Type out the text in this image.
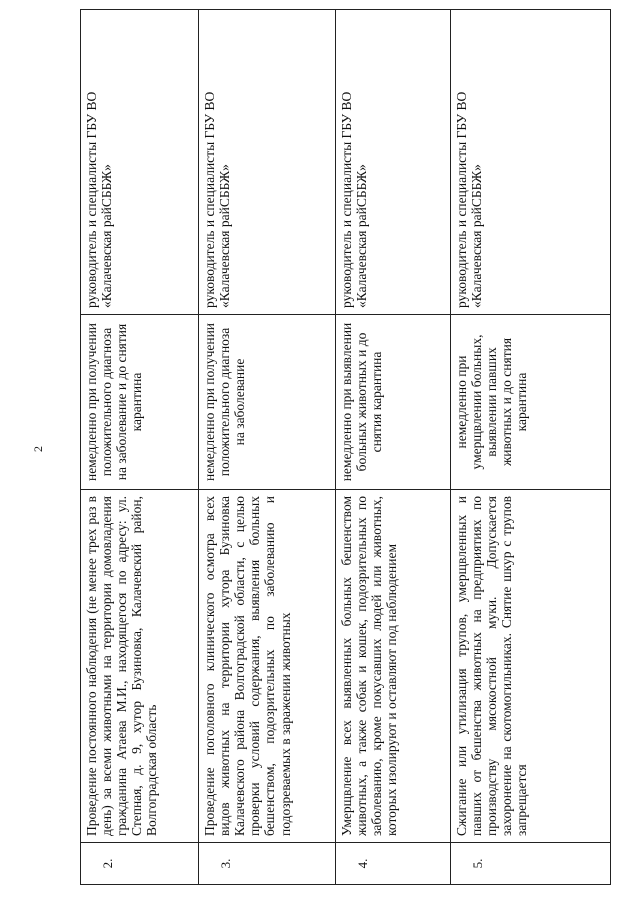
2
2.	Проведение постоянного наблюдения (не менее трех раз в день) за всеми животными на территории домовладения гражданина Атаева М.И., находящегося по адресу: ул. Степная, д. 9, хутор Бузиновка, Калачевский район, Волгоградская область	немедленно при получении положительного диагноза на заболевание и до снятия карантина	руководитель и специалисты ГБУ ВО «Калачевская райСББЖ»
3.	Проведение поголовного клинического осмотра всех видов животных на территории хутора Бузиновка Калачевского района Волгоградской области, с целью проверки условий содержания, выявления больных бешенством, подозрительных по заболеванию и подозреваемых в заражении животных	немедленно при получении положительного диагноза на заболевание	руководитель и специалисты ГБУ ВО «Калачевская райСББЖ»
4.	Умерщвление всех выявленных больных бешенством животных, а также собак и кошек, подозрительных по заболеванию, кроме покусавших людей или животных, которых изолируют и оставляют под наблюдением	немедленно при выявлении больных животных и до снятия карантина	руководитель и специалисты ГБУ ВО «Калачевская райСББЖ»
5.	Сжигание или утилизация трупов, умерщвленных и павших от бешенства животных на предприятиях по производству мясокостной муки. Допускается захоронение на скотомогильниках. Снятие шкур с трупов запрещается	немедленно при умерщвлении больных, выявлении павших животных и до снятия карантина	руководитель и специалисты ГБУ ВО «Калачевская райСББЖ»
